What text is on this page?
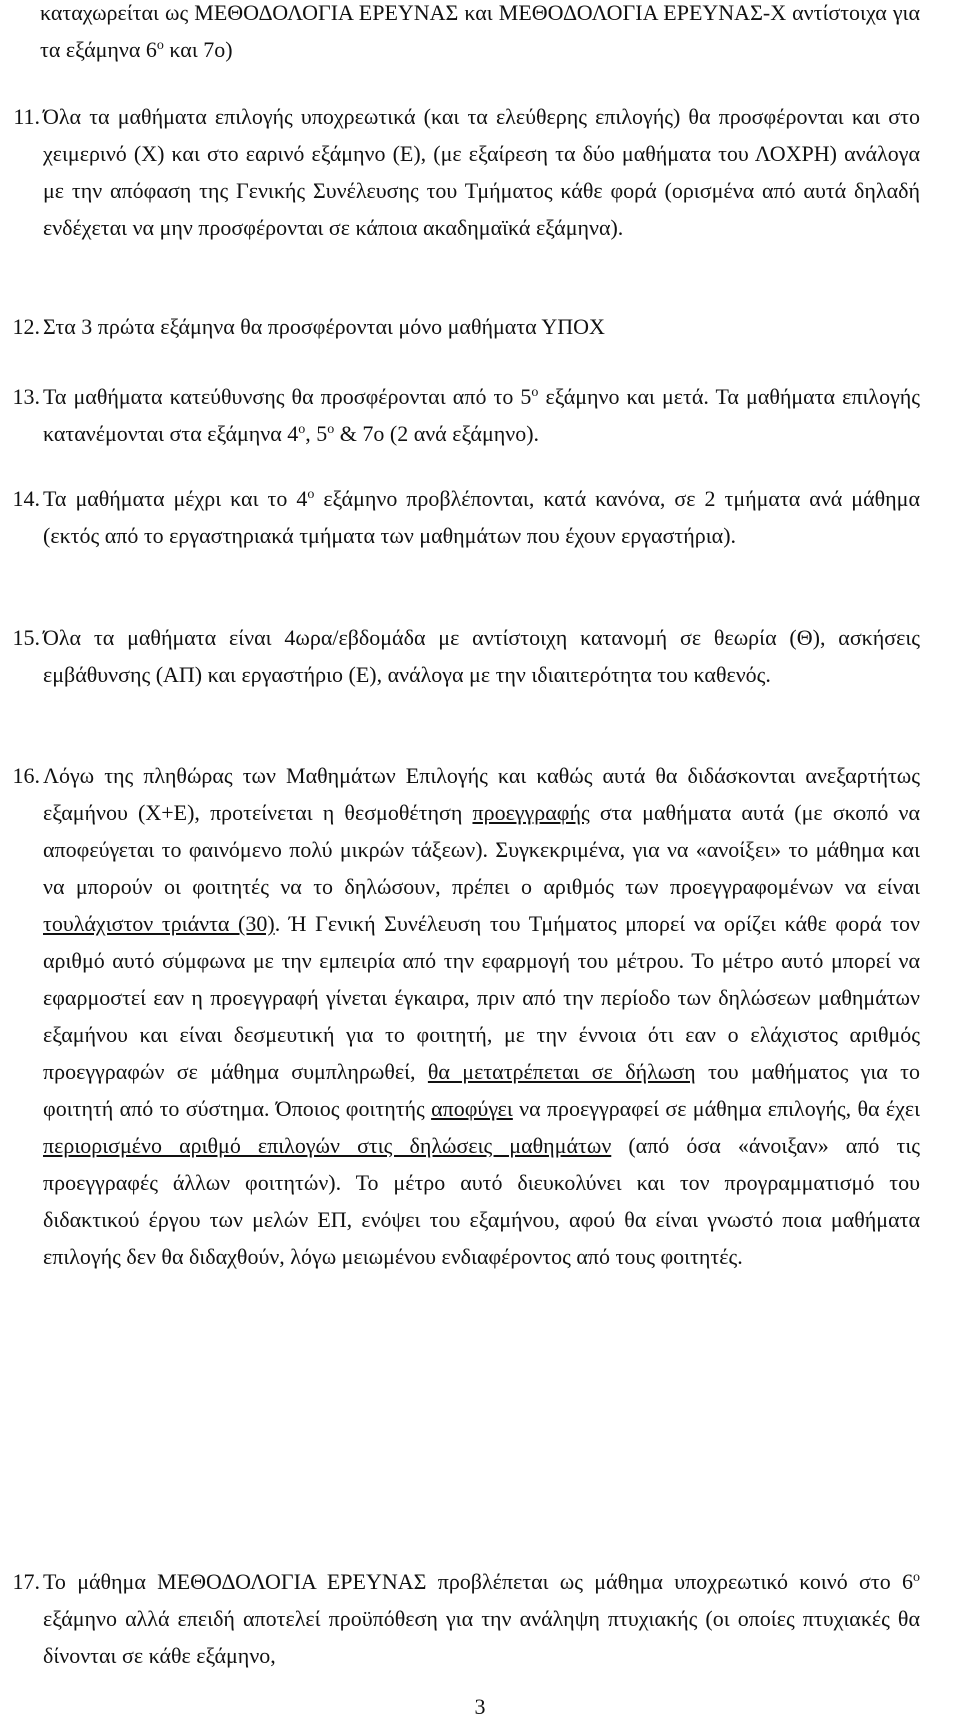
καταχωρείται ως ΜΕΘΟΔΟΛΟΓΙΑ ΕΡΕΥΝΑΣ και ΜΕΘΟΔΟΛΟΓΙΑ ΕΡΕΥΝΑΣ-Χ αντίστοιχα για τα εξάμηνα $6^o$ και 7ο)
11. Όλα τα μαθήματα επιλογής υποχρεωτικά (και τα ελεύθερης επιλογής) θα προσφέρονται και στο χειμερινό (Χ) και στο εαρινό εξάμηνο (Ε), (με εξαίρεση τα δύο μαθήματα του ΛΟΧΡΗ) ανάλογα με την απόφαση της Γενικής Συνέλευσης του Τμήματος κάθε φορά (ορισμένα από αυτά δηλαδή ενδέχεται να μην προσφέρονται σε κάποια ακαδημαϊκά εξάμηνα).
12. Στα 3 πρώτα εξάμηνα θα προσφέρονται μόνο μαθήματα ΥΠΟΧ
13. Τα μαθήματα κατεύθυνσης θα προσφέρονται από το $5^o$ εξάμηνο και μετά. Τα μαθήματα επιλογής κατανέμονται στα εξάμηνα $4^o$, $5^o$ & 7ο (2 ανά εξάμηνο).
14. Τα μαθήματα μέχρι και το $4^o$ εξάμηνο προβλέπονται, κατά κανόνα, σε 2 τμήματα ανά μάθημα (εκτός από το εργαστηριακά τμήματα των μαθημάτων που έχουν εργαστήρια).
15. Όλα τα μαθήματα είναι 4ωρα/εβδομάδα με αντίστοιχη κατανομή σε θεωρία (Θ), ασκήσεις εμβάθυνσης (ΑΠ) και εργαστήριο (Ε), ανάλογα με την ιδιαιτερότητα του καθενός.
16. Λόγω της πληθώρας των Μαθημάτων Επιλογής και καθώς αυτά θα διδάσκονται ανεξαρτήτως εξαμήνου (Χ+Ε), προτείνεται η θεσμοθέτηση προεγγραφής στα μαθήματα αυτά (με σκοπό να αποφεύγεται το φαινόμενο πολύ μικρών τάξεων). Συγκεκριμένα, για να «ανοίξει» το μάθημα και να μπορούν οι φοιτητές να το δηλώσουν, πρέπει ο αριθμός των προεγγραφομένων να είναι τουλάχιστον τριάντα (30). Ή Γενική Συνέλευση του Τμήματος μπορεί να ορίζει κάθε φορά τον αριθμό αυτό σύμφωνα με την εμπειρία από την εφαρμογή του μέτρου. Το μέτρο αυτό μπορεί να εφαρμοστεί εαν η προεγγραφή γίνεται έγκαιρα, πριν από την περίοδο των δηλώσεων μαθημάτων εξαμήνου και είναι δεσμευτική για το φοιτητή, με την έννοια ότι εαν ο ελάχιστος αριθμός προεγγραφών σε μάθημα συμπληρωθεί, θα μετατρέπεται σε δήλωση του μαθήματος για το φοιτητή από το σύστημα. Όποιος φοιτητής αποφύγει να προεγγραφεί σε μάθημα επιλογής, θα έχει περιορισμένο αριθμό επιλογών στις δηλώσεις μαθημάτων (από όσα «άνοιξαν» από τις προεγγραφές άλλων φοιτητών). Το μέτρο αυτό διευκολύνει και τον προγραμματισμό του διδακτικού έργου των μελών ΕΠ, ενόψει του εξαμήνου, αφού θα είναι γνωστό ποια μαθήματα επιλογής δεν θα διδαχθούν, λόγω μειωμένου ενδιαφέροντος από τους φοιτητές.
17. Το μάθημα ΜΕΘΟΔΟΛΟΓΙΑ ΕΡΕΥΝΑΣ προβλέπεται ως μάθημα υποχρεωτικό κοινό στο $6^o$ εξάμηνο αλλά επειδή αποτελεί προϋπόθεση για την ανάληψη πτυχιακής (οι οποίες πτυχιακές θα δίνονται σε κάθε εξάμηνο,
3
